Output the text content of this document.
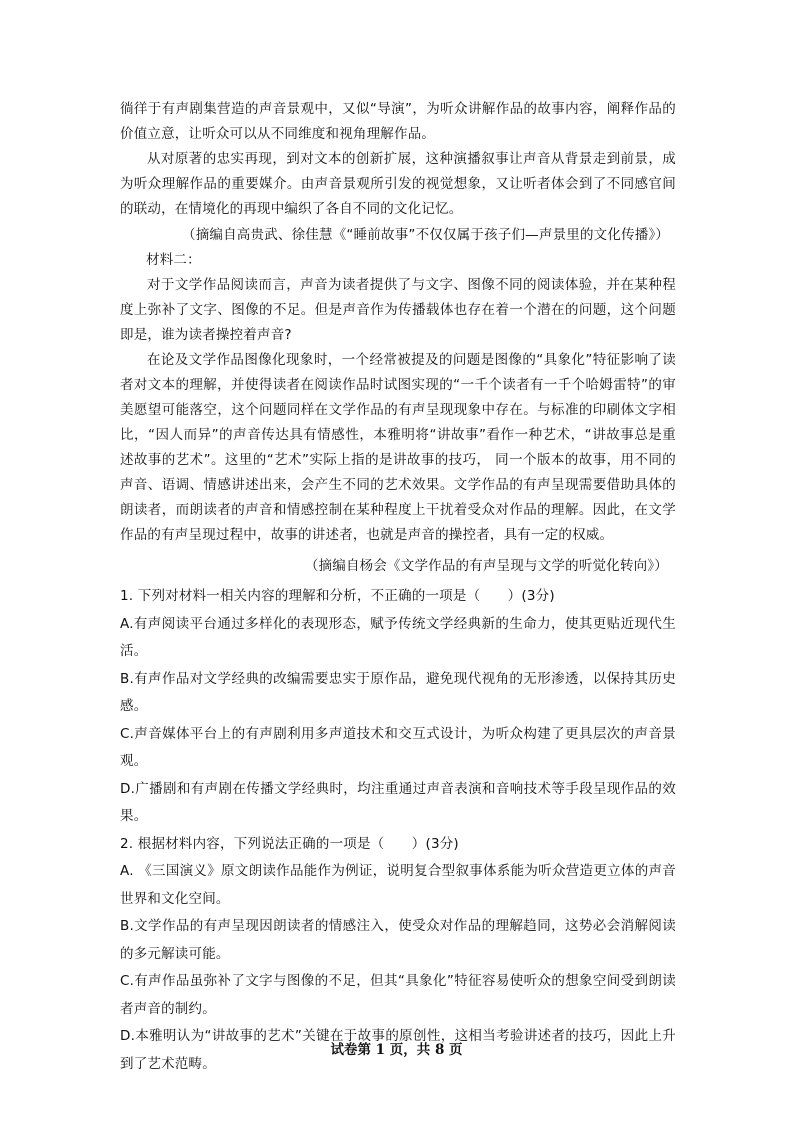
徜徉于有声剧集营造的声音景观中，又似“导演”，为听众讲解作品的故事内容，阐释作品的价值立意，让听众可以从不同维度和视角理解作品。

从对原著的忠实再现，到对文本的创新扩展，这种演播叙事让声音从背景走到前景，成为听众理解作品的重要媒介。由声音景观所引发的视觉想象，又让听者体会到了不同感官间的联动，在情境化的再现中编织了各自不同的文化记忆。

（摘编自高贵武、徐佳慧《“睡前故事”不仅仅属于孩子们—声景里的文化传播》）

材料二：

对于文学作品阅读而言，声音为读者提供了与文字、图像不同的阅读体验，并在某种程度上弥补了文字、图像的不足。但是声音作为传播载体也存在着一个潜在的问题，这个问题即是，谁为读者操控着声音?

在论及文学作品图像化现象时，一个经常被提及的问题是图像的“具象化”特征影响了读者对文本的理解，并使得读者在阅读作品时试图实现的“一千个读者有一千个哈姆雷特”的审美愿望可能落空，这个问题同样在文学作品的有声呈现现象中存在。与标准的印刷体文字相比，“因人而异”的声音传达具有情感性，本雅明将“讲故事”看作一种艺术，“讲故事总是重述故事的艺术”。这里的“艺术”实际上指的是讲故事的技巧， 同一个版本的故事，用不同的声音、语调、情感讲述出来，会产生不同的艺术效果。文学作品的有声呈现需要借助具体的朗读者，而朗读者的声音和情感控制在某种程度上干扰着受众对作品的理解。因此，在文学作品的有声呈现过程中，故事的讲述者，也就是声音的操控者，具有一定的权威。

（摘编自杨会《文学作品的有声呈现与文学的听觉化转向》）

1. 下列对材料一相关内容的理解和分析，不正确的一项是（　　）(3分)

A.有声阅读平台通过多样化的表现形态，赋予传统文学经典新的生命力，使其更贴近现代生活。

B.有声作品对文学经典的改编需要忠实于原作品，避免现代视角的无形渗透，以保持其历史感。

C.声音媒体平台上的有声剧利用多声道技术和交互式设计，为听众构建了更具层次的声音景观。

D.广播剧和有声剧在传播文学经典时，均注重通过声音表演和音响技术等手段呈现作品的效果。

2. 根据材料内容，下列说法正确的一项是（　　）(3分)

A. 《三国演义》原文朗读作品能作为例证，说明复合型叙事体系能为听众营造更立体的声音世界和文化空间。

B.文学作品的有声呈现因朗读者的情感注入，使受众对作品的理解趋同，这势必会消解阅读的多元解读可能。

C.有声作品虽弥补了文字与图像的不足，但其“具象化”特征容易使听众的想象空间受到朗读者声音的制约。

D.本雅明认为“讲故事的艺术”关键在于故事的原创性，这相当考验讲述者的技巧，因此上升到了艺术范畴。

试卷第 1 页，共 8 页
